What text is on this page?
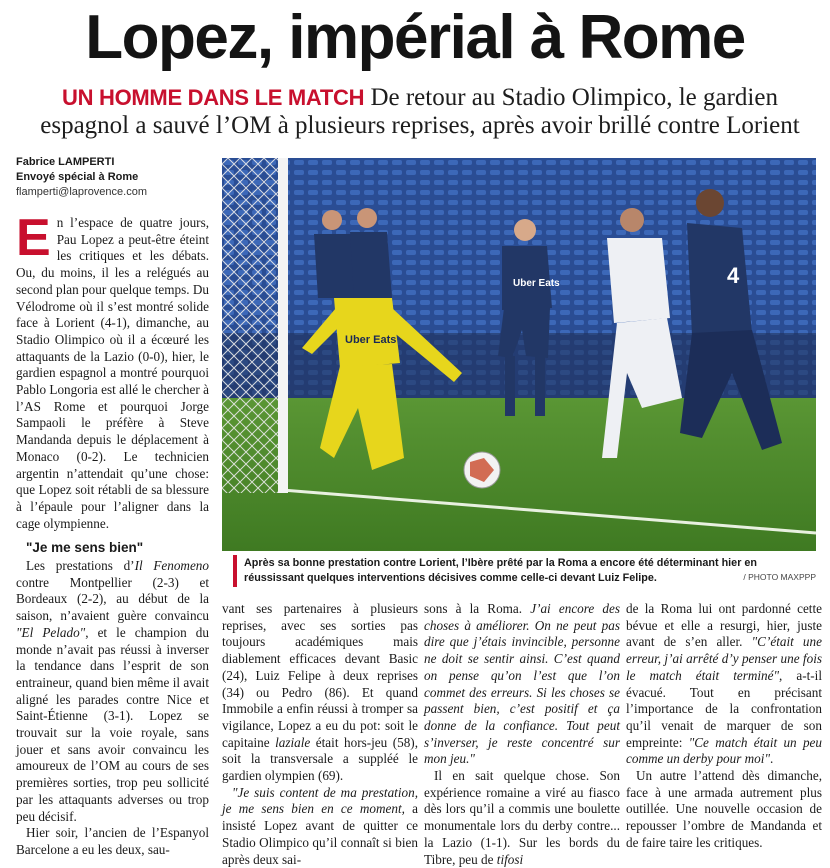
Lopez, impérial à Rome
UN HOMME DANS LE MATCH De retour au Stadio Olimpico, le gardien espagnol a sauvé l’OM à plusieurs reprises, après avoir brillé contre Lorient
Fabrice LAMPERTI
Envoyé spécial à Rome
flamperti@laprovence.com

En l’espace de quatre jours, Pau Lopez a peut-être éteint les critiques et les débats. Ou, du moins, il les a relégués au second plan pour quelque temps. Du Vélodrome où il s’est montré solide face à Lorient (4-1), dimanche, au Stadio Olimpico où il a écœuré les attaquants de la Lazio (0-0), hier, le gardien espagnol a montré pourquoi Pablo Longoria est allé le chercher à l’AS Rome et pourquoi Jorge Sampaoli le préfère à Steve Mandanda depuis le déplacement à Monaco (0-2). Le technicien argentin n’attendait qu’une chose: que Lopez soit rétabli de sa blessure à l’épaule pour l’aligner dans la cage olympienne.

"Je me sens bien"

Les prestations d’Il Fenomeno contre Montpellier (2-3) et Bordeaux (2-2), au début de la saison, n’avaient guère convaincu "El Pelado", et le champion du monde n’avait pas réussi à inverser la tendance dans l’esprit de son entraineur, quand bien même il avait aligné les parades contre Nice et Saint-Étienne (3-1). Lopez se trouvait sur la voie royale, sans jouer et sans avoir convaincu les amoureux de l’OM au cours de ses premières sorties, trop peu sollicité par les attaquants adverses ou trop peu décisif.

Hier soir, l’ancien de l’Espanyol Barcelone a eu les deux, sau-

Uber Eats
Uber Eats	4
Après sa bonne prestation contre Lorient, l’Ibère prêté par la Roma a encore été déterminant hier en réussissant quelques interventions décisives comme celle-ci devant Luiz Felipe.	/ PHOTO MAXPPP

vant ses partenaires à plusieurs reprises, avec ses sorties pas toujours académiques mais diablement efficaces devant Basic (24), Luiz Felipe à deux reprises (34) ou Pedro (86). Et quand Immobile a enfin réussi à tromper sa vigilance, Lopez a eu du pot: soit le capitaine laziale était hors-jeu (58), soit la transversale a suppléé le gardien olympien (69).

"Je suis content de ma prestation, je me sens bien en ce moment, a insisté Lopez avant de quitter ce Stadio Olimpico qu’il connaît si bien après deux sai-

sons à la Roma. J’ai encore des choses à améliorer. On ne peut pas dire que j’étais invincible, personne ne doit se sentir ainsi. C’est quand on pense qu’on l’est que l’on commet des erreurs. Si les choses se passent bien, c’est positif et ça donne de la confiance. Tout peut s’inverser, je reste concentré sur mon jeu."

Il en sait quelque chose. Son expérience romaine a viré au fiasco dès lors qu’il a commis une boulette monumentale lors du derby contre... la Lazio (1-1). Sur les bords du Tibre, peu de tifosi

de la Roma lui ont pardonné cette bévue et elle a resurgi, hier, juste avant de s’en aller. "C’était une erreur, j’ai arrêté d’y penser une fois le match était terminé", a-t-il évacué. Tout en précisant l’importance de la confrontation qu’il venait de marquer de son empreinte: "Ce match était un peu comme un derby pour moi".

Un autre l’attend dès dimanche, face à une armada autrement plus outillée. Une nouvelle occasion de repousser l’ombre de Mandanda et de faire taire les critiques.
